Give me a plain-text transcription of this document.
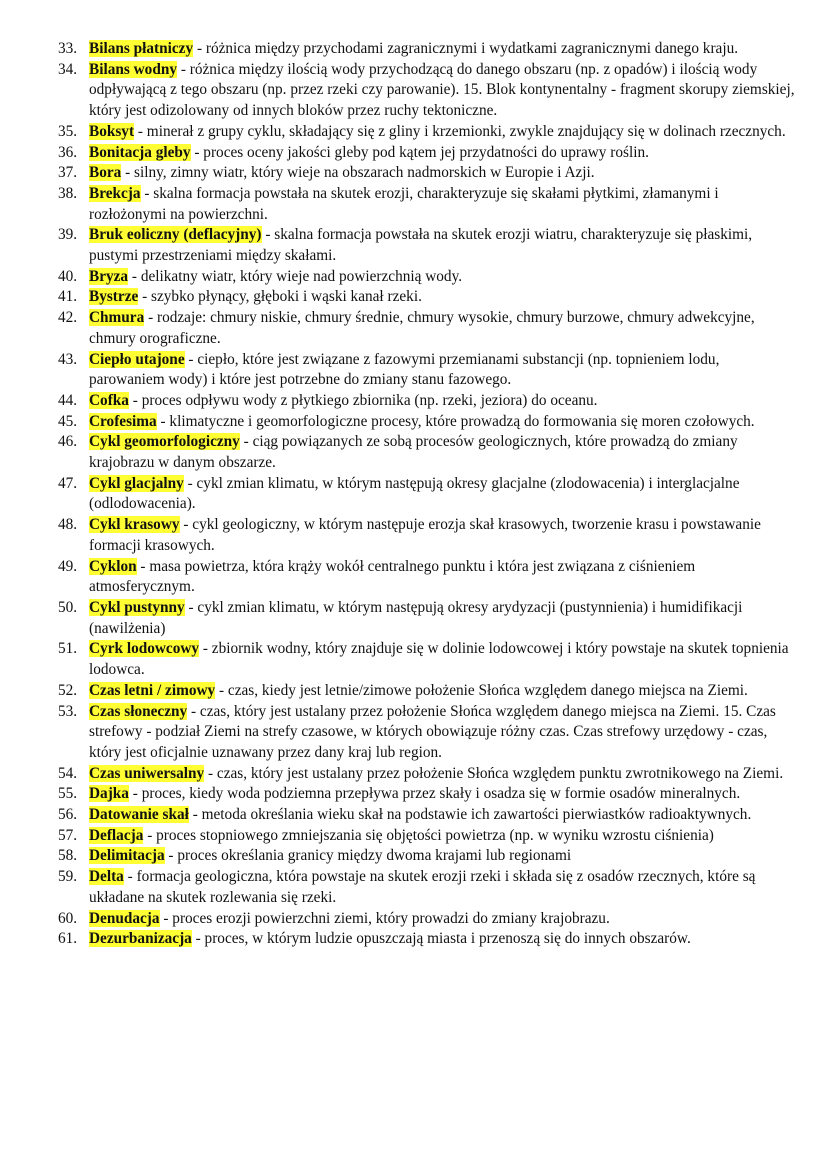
33. Bilans płatniczy - różnica między przychodami zagranicznymi i wydatkami zagranicznymi danego kraju.
34. Bilans wodny - różnica między ilością wody przychodzącą do danego obszaru (np. z opadów) i ilością wody odpływającą z tego obszaru (np. przez rzeki czy parowanie). 15. Blok kontynentalny - fragment skorupy ziemskiej, który jest odizolowany od innych bloków przez ruchy tektoniczne.
35. Boksyt - minerał z grupy cyklu, składający się z gliny i krzemionki, zwykle znajdujący się w dolinach rzecznych.
36. Bonitacja gleby - proces oceny jakości gleby pod kątem jej przydatności do uprawy roślin.
37. Bora - silny, zimny wiatr, który wieje na obszarach nadmorskich w Europie i Azji.
38. Brekcja - skalna formacja powstała na skutek erozji, charakteryzuje się skałami płytkimi, złamanymi i rozłożonymi na powierzchni.
39. Bruk eoliczny (deflacyjny) - skalna formacja powstała na skutek erozji wiatru, charakteryzuje się płaskimi, pustymi przestrzeniami między skałami.
40. Bryza - delikatny wiatr, który wieje nad powierzchnią wody.
41. Bystrze - szybko płynący, głęboki i wąski kanał rzeki.
42. Chmura - rodzaje: chmury niskie, chmury średnie, chmury wysokie, chmury burzowe, chmury adwekcyjne, chmury orograficzne.
43. Ciepło utajone - ciepło, które jest związane z fazowymi przemianami substancji (np. topnieniem lodu, parowaniem wody) i które jest potrzebne do zmiany stanu fazowego.
44. Cofka - proces odpływu wody z płytkiego zbiornika (np. rzeki, jeziora) do oceanu.
45. Crofesima - klimatyczne i geomorfologiczne procesy, które prowadzą do formowania się moren czołowych.
46. Cykl geomorfologiczny - ciąg powiązanych ze sobą procesów geologicznych, które prowadzą do zmiany krajobrazu w danym obszarze.
47. Cykl glacjalny - cykl zmian klimatu, w którym następują okresy glacjalne (zlodowacenia) i interglacjalne (odlodowacenia).
48. Cykl krasowy - cykl geologiczny, w którym następuje erozja skał krasowych, tworzenie krasu i powstawanie formacji krasowych.
49. Cyklon - masa powietrza, która krąży wokół centralnego punktu i która jest związana z ciśnieniem atmosferycznym.
50. Cykl pustynny - cykl zmian klimatu, w którym następują okresy arydyzacji (pustynnienia) i humidifikacji (nawilżenia)
51. Cyrk lodowcowy - zbiornik wodny, który znajduje się w dolinie lodowcowej i który powstaje na skutek topnienia lodowca.
52. Czas letni / zimowy - czas, kiedy jest letnie/zimowe położenie Słońca względem danego miejsca na Ziemi.
53. Czas słoneczny - czas, który jest ustalany przez położenie Słońca względem danego miejsca na Ziemi. 15. Czas strefowy - podział Ziemi na strefy czasowe, w których obowiązuje różny czas. Czas strefowy urzędowy - czas, który jest oficjalnie uznawany przez dany kraj lub region.
54. Czas uniwersalny - czas, który jest ustalany przez położenie Słońca względem punktu zwrotnikowego na Ziemi.
55. Dajka - proces, kiedy woda podziemna przepływa przez skały i osadza się w formie osadów mineralnych.
56. Datowanie skał - metoda określania wieku skał na podstawie ich zawartości pierwiastków radioaktywnych.
57. Deflacja - proces stopniowego zmniejszania się objętości powietrza (np. w wyniku wzrostu ciśnienia)
58. Delimitacja - proces określania granicy między dwoma krajami lub regionami
59. Delta - formacja geologiczna, która powstaje na skutek erozji rzeki i składa się z osadów rzecznych, które są układane na skutek rozlewania się rzeki.
60. Denudacja - proces erozji powierzchni ziemi, który prowadzi do zmiany krajobrazu.
61. Dezurbanizacja - proces, w którym ludzie opuszczają miasta i przenoszą się do innych obszarów.
